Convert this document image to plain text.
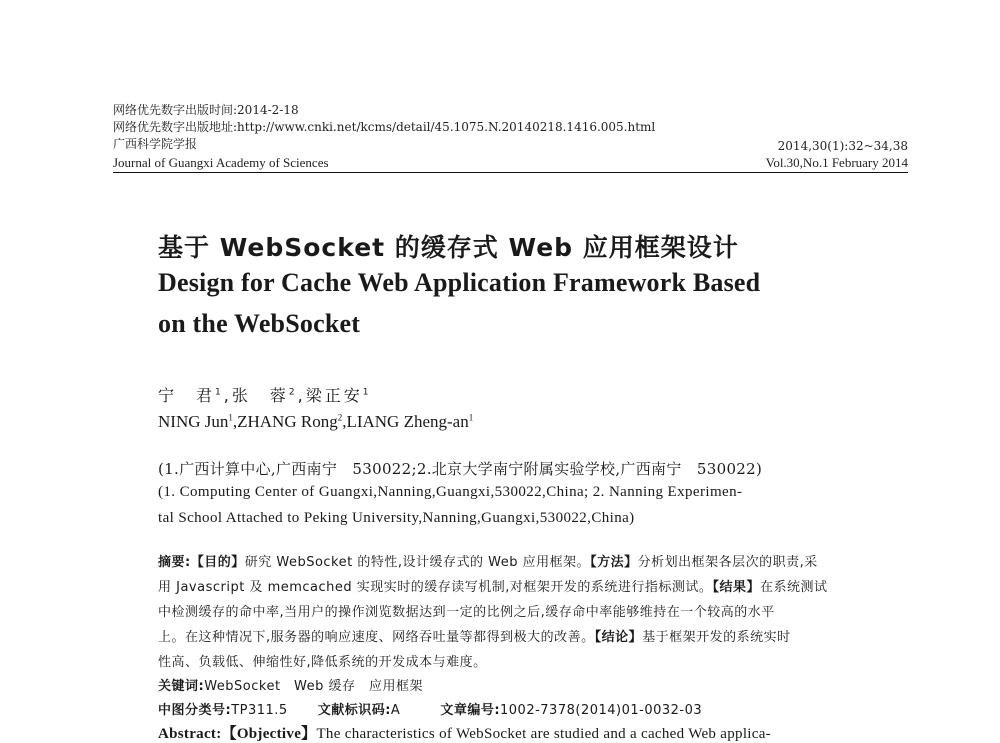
网络优先数字出版时间:2014-2-18
网络优先数字出版地址:http://www.cnki.net/kcms/detail/45.1075.N.20140218.1416.005.html
广西科学院学报	2014,30(1):32~34,38
Journal of Guangxi Academy of Sciences	Vol.30,No.1 February 2014
基于 WebSocket 的缓存式 Web 应用框架设计
Design for Cache Web Application Framework Based
on the WebSocket
宁　君$^1$,张　蓉$^2$,梁正安$^1$
NING Jun$^1$,ZHANG Rong$^2$,LIANG Zheng-$an^1$
(1.广西计算中心,广西南宁　530022;2.北京大学南宁附属实验学校,广西南宁　530022)
(1. Computing Center of Guangxi,Nanning,Guangxi,530022,China; 2. Nanning Experimen-
tal School Attached to Peking University,Nanning,Guangxi,530022,China)
摘要:【目的】研究 WebSocket 的特性,设计缓存式的 Web 应用框架。【方法】分析划出框架各层次的职责,采
用 Javascript 及 memcached 实现实时的缓存读写机制,对框架开发的系统进行指标测试。【结果】在系统测试
中检测缓存的命中率,当用户的操作浏览数据达到一定的比例之后,缓存命中率能够维持在一个较高的水平
上。在这种情况下,服务器的响应速度、网络吞吐量等都得到极大的改善。【结论】基于框架开发的系统实时
性高、负载低、伸缩性好,降低系统的开发成本与难度。
关键词:WebSocket　Web 缓存　应用框架
中图分类号:TP311.5 文献标识码:A	文章编号:1002-7378(2014)01-0032-03
Abstract:【Objective】The characteristics of WebSocket are studied and a cached Web applica-
